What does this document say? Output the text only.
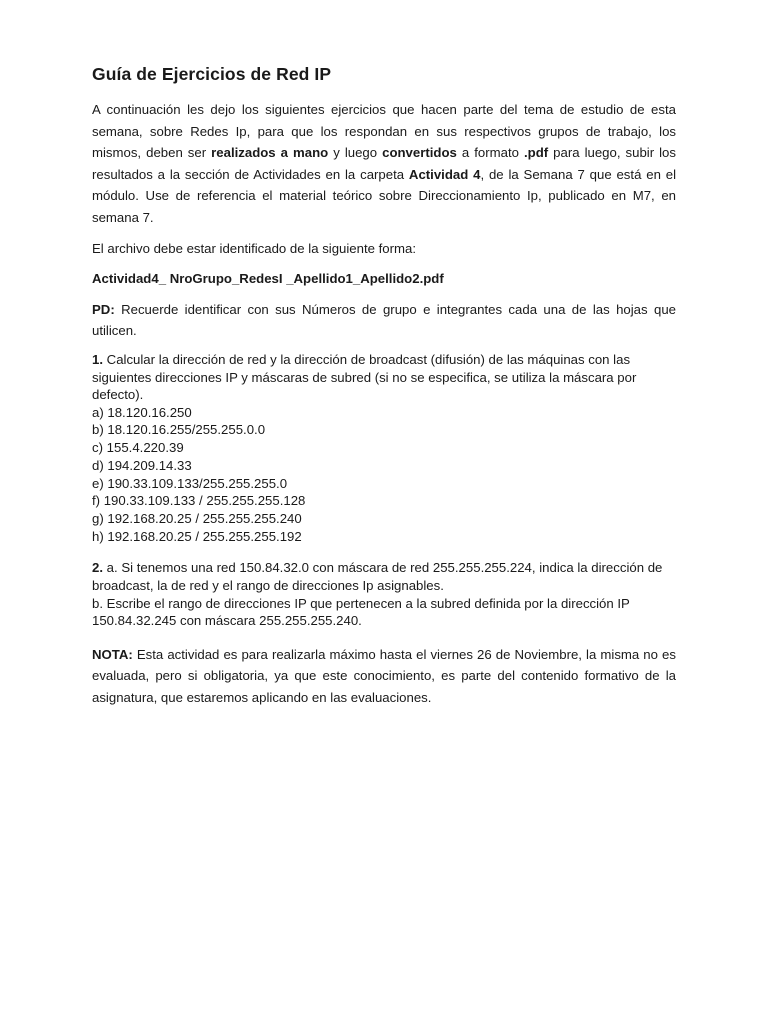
Guía de Ejercicios de Red IP

A continuación les dejo los siguientes ejercicios que hacen parte del tema de estudio de esta semana, sobre Redes Ip, para que los respondan en sus respectivos grupos de trabajo, los mismos, deben ser realizados a mano y luego convertidos a formato .pdf para luego, subir los resultados a la sección de Actividades en la carpeta Actividad 4, de la Semana 7 que está en el módulo. Use de referencia el material teórico sobre Direccionamiento Ip, publicado en M7, en semana 7.

El archivo debe estar identificado de la siguiente forma:

Actividad4_ NroGrupo_RedesI _Apellido1_Apellido2.pdf

PD: Recuerde identificar con sus Números de grupo e integrantes cada una de las hojas que utilicen.

1. Calcular la dirección de red y la dirección de broadcast (difusión) de las máquinas con las siguientes direcciones IP y máscaras de subred (si no se especifica, se utiliza la máscara por defecto).
a) 18.120.16.250
b) 18.120.16.255/255.255.0.0
c) 155.4.220.39
d) 194.209.14.33
e) 190.33.109.133/255.255.255.0
f) 190.33.109.133 / 255.255.255.128
g) 192.168.20.25 / 255.255.255.240
h) 192.168.20.25 / 255.255.255.192
2. a. Si tenemos una red 150.84.32.0 con máscara de red 255.255.255.224, indica la dirección de broadcast, la de red y el rango de direcciones Ip asignables.
b. Escribe el rango de direcciones IP que pertenecen a la subred definida por la dirección IP 150.84.32.245 con máscara 255.255.255.240.

NOTA: Esta actividad es para realizarla máximo hasta el viernes 26 de Noviembre, la misma no es evaluada, pero si obligatoria, ya que este conocimiento, es parte del contenido formativo de la asignatura, que estaremos aplicando en las evaluaciones.
